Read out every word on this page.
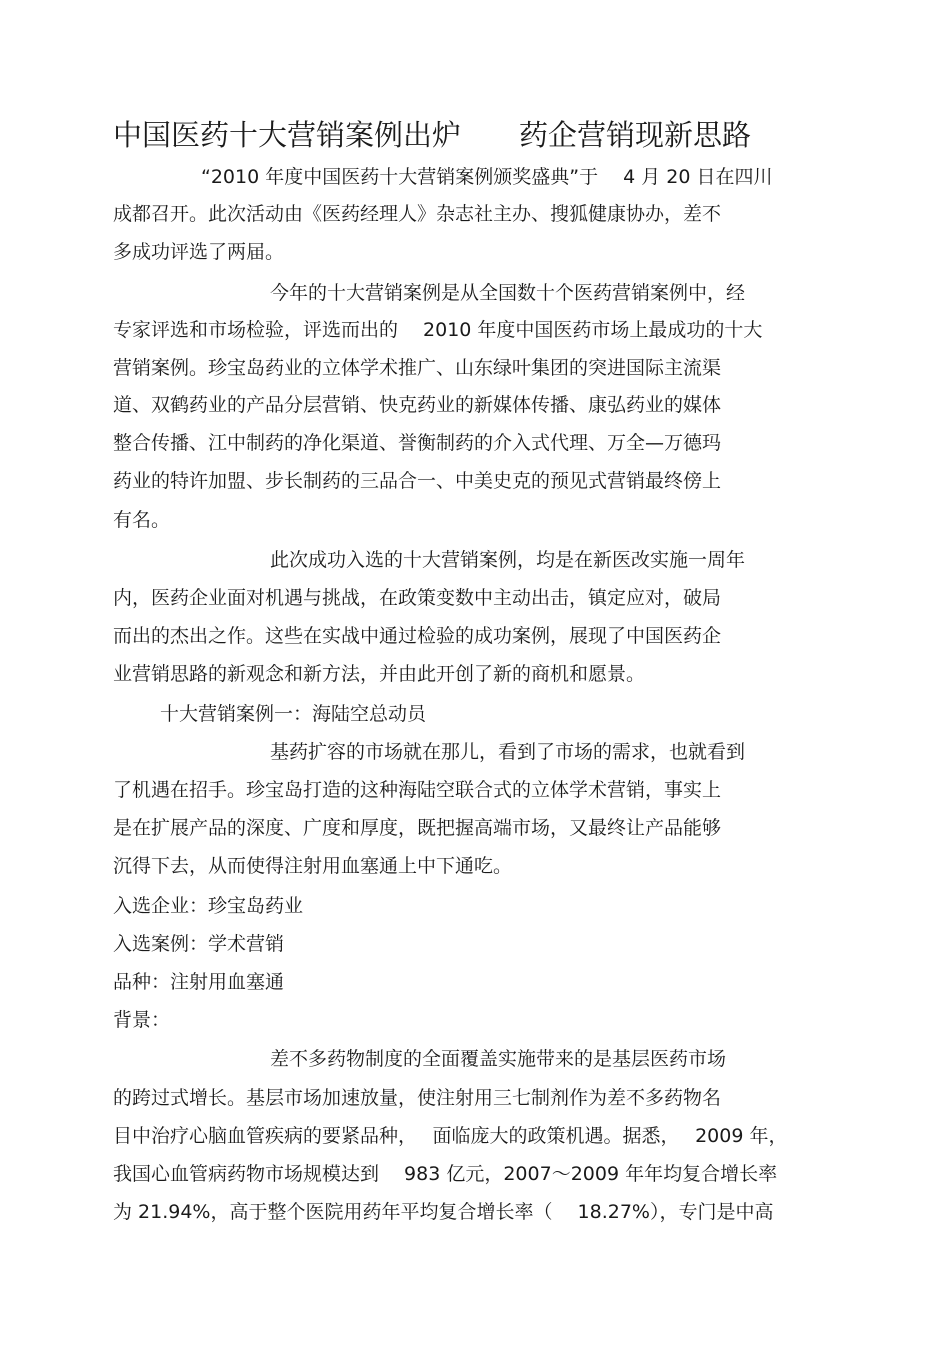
中国医药十大营销案例出炉 药企营销现新思路
“2010 年度中国医药十大营销案例颁奖盛典”于　 4 月 20 日在四川
成都召开。此次活动由《医药经理人》杂志社主办、搜狐健康协办，差不
多成功评选了两届。
今年的十大营销案例是从全国数十个医药营销案例中，经
专家评选和市场检验，评选而出的　 2010 年度中国医药市场上最成功的十大
营销案例。珍宝岛药业的立体学术推广、山东绿叶集团的突进国际主流渠
道、双鹤药业的产品分层营销、快克药业的新媒体传播、康弘药业的媒体
整合传播、江中制药的净化渠道、誉衡制药的介入式代理、万全—万德玛
药业的特许加盟、步长制药的三品合一、中美史克的预见式营销最终傍上
有名。
此次成功入选的十大营销案例，均是在新医改实施一周年
内，医药企业面对机遇与挑战，在政策变数中主动出击，镇定应对，破局
而出的杰出之作。这些在实战中通过检验的成功案例，展现了中国医药企
业营销思路的新观念和新方法，并由此开创了新的商机和愿景。
十大营销案例一：海陆空总动员
基药扩容的市场就在那儿，看到了市场的需求，也就看到
了机遇在招手。珍宝岛打造的这种海陆空联合式的立体学术营销，事实上
是在扩展产品的深度、广度和厚度，既把握高端市场，又最终让产品能够
沉得下去，从而使得注射用血塞通上中下通吃。
入选企业：珍宝岛药业
入选案例：学术营销
品种：注射用血塞通
背景：
差不多药物制度的全面覆盖实施带来的是基层医药市场
的跨过式增长。基层市场加速放量，使注射用三七制剂作为差不多药物名
目中治疗心脑血管疾病的要紧品种，　 面临庞大的政策机遇。据悉，　 2009 年，
我国心血管病药物市场规模达到　 983 亿元，2007～2009 年年均复合增长率
为 21.94%，高于整个医院用药年平均复合增长率（　 18.27%），专门是中高
